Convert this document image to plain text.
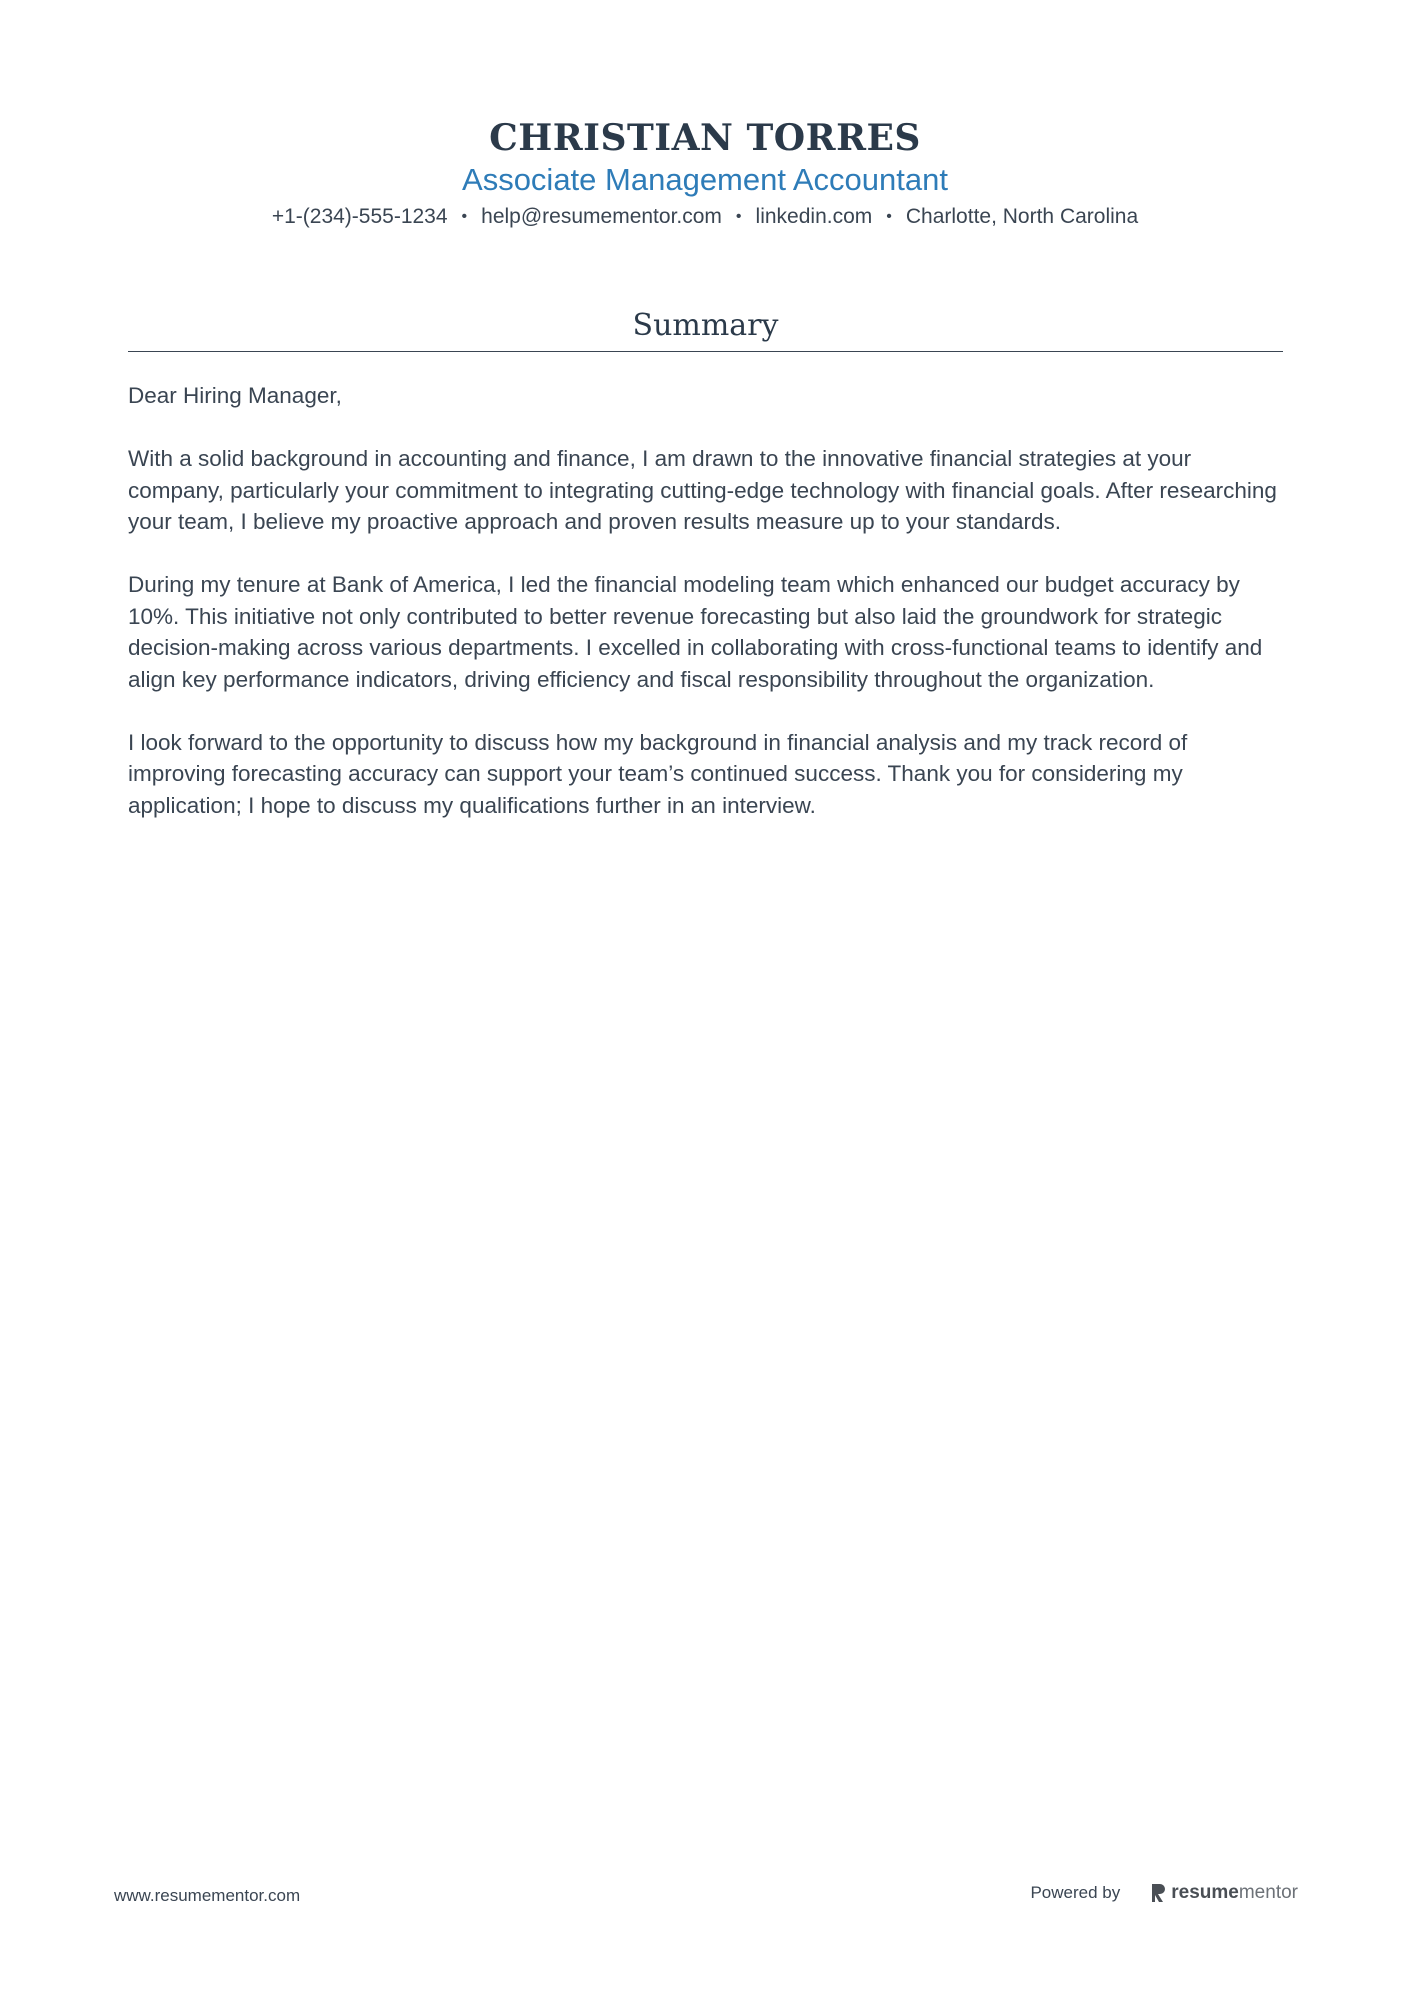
CHRISTIAN TORRES
Associate Management Accountant
+1-(234)-555-1234 • help@resumementor.com • linkedin.com • Charlotte, North Carolina
Summary

Dear Hiring Manager,

With a solid background in accounting and finance, I am drawn to the innovative financial strategies at your company, particularly your commitment to integrating cutting-edge technology with financial goals. After researching your team, I believe my proactive approach and proven results measure up to your standards.

During my tenure at Bank of America, I led the financial modeling team which enhanced our budget accuracy by 10%. This initiative not only contributed to better revenue forecasting but also laid the groundwork for strategic decision-making across various departments. I excelled in collaborating with cross-functional teams to identify and align key performance indicators, driving efficiency and fiscal responsibility throughout the organization.

I look forward to the opportunity to discuss how my background in financial analysis and my track record of improving forecasting accuracy can support your team’s continued success. Thank you for considering my application; I hope to discuss my qualifications further in an interview.

www.resumementor.com	Powered by	resume mentor
